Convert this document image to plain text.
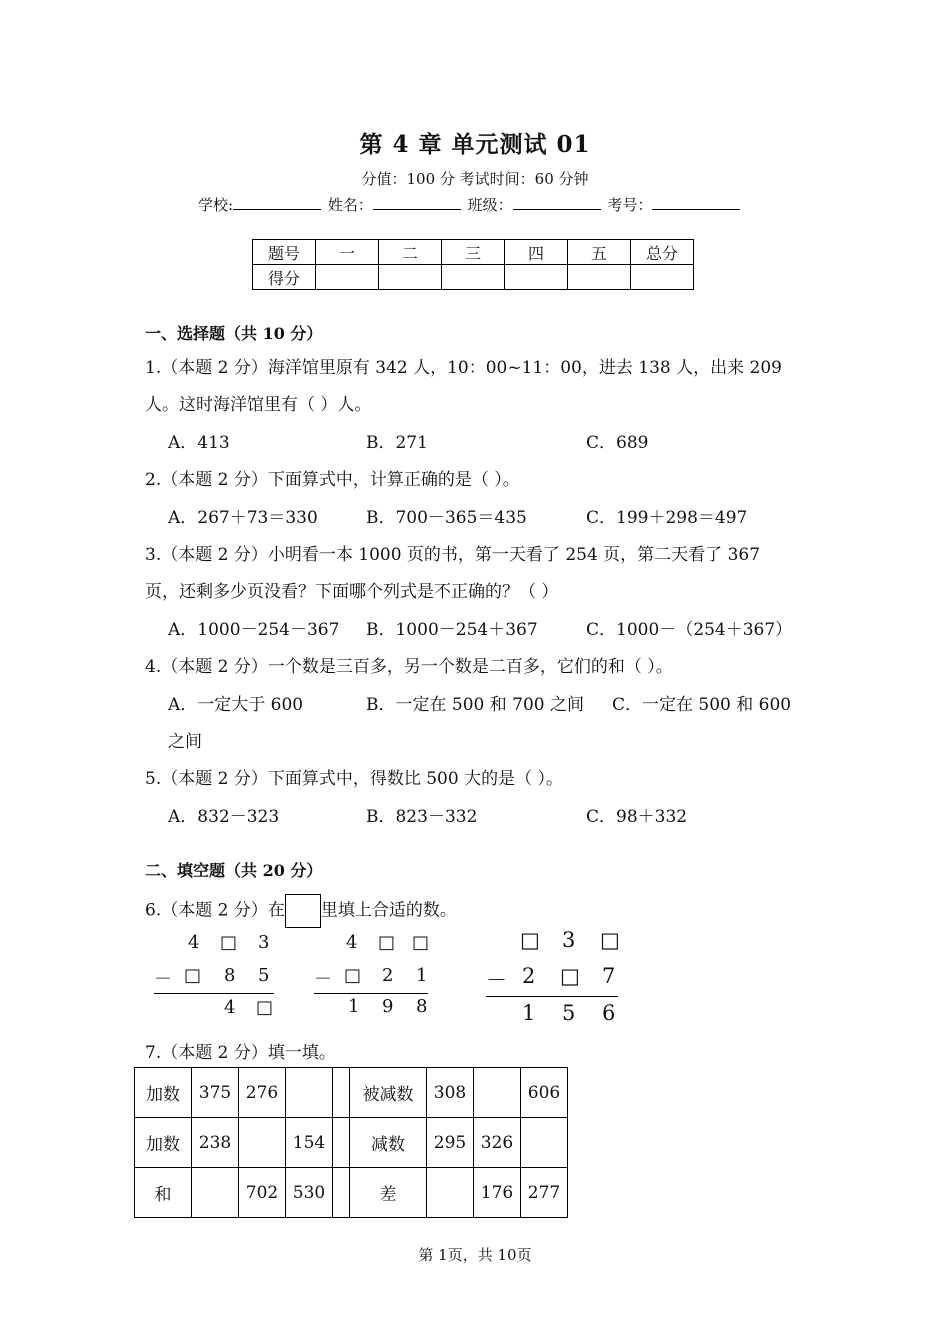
第 4 章 单元测试 01
分值：100 分 考试时间：60 分钟
学校:	姓名：	班级：	考号：
题号	一	二	三	四	五	总分
得分						
一、选择题（共 10 分）
1.（本题 2 分）海洋馆里原有 342 人，10：00~11：00，进去 138 人，出来 209
人。这时海洋馆里有（ ）人。
A．413	B．271	C．689
2.（本题 2 分）下面算式中，计算正确的是（ ）。
A．267＋73＝330	B．700－365＝435	C．199＋298＝497
3.（本题 2 分）小明看一本 1000 页的书，第一天看了 254 页，第二天看了 367
页，还剩多少页没看？下面哪个列式是不正确的？（ ）
A．1000－254－367 B．1000－254＋367	C．1000－（254＋367）
4.（本题 2 分）一个数是三百多，另一个数是二百多，它们的和（ ）。
A．一定大于 600	B．一定在 500 和 700 之间 C．一定在 500 和 600
之间
5.（本题 2 分）下面算式中，得数比 500 大的是（ ）。
A．832－323	B．823－332	C．98＋332
二、填空题（共 20 分）
6.（本题 2 分）在 里填上合适的数。
4 □ 3
－ □ 8 5
4 □
4 □ □
－ □ 2 1
1 9 8
□ 3 □
－ 2 □ 7
1 5 6
7.（本题 2 分）填一填。
加数	375	276			被减数	308		606
加数	238		154		减数	295	326	
和		702	530		差		176	277
第 1页，共 10页
